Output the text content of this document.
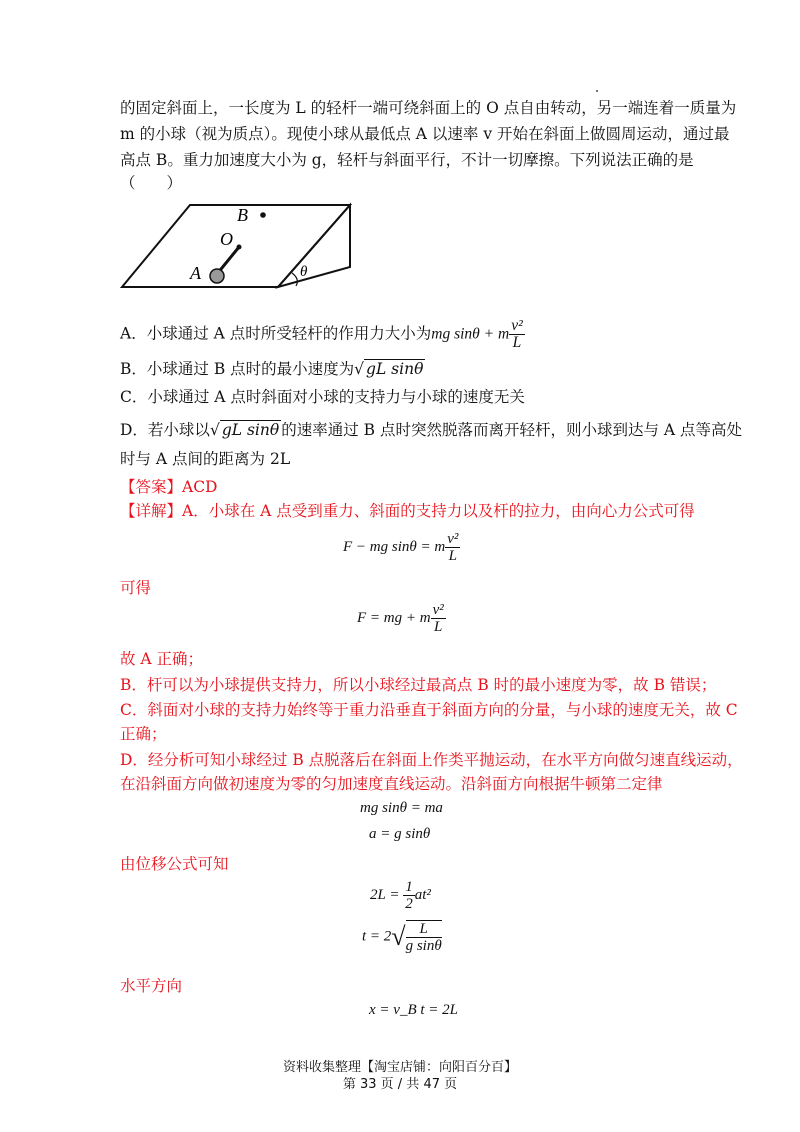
的固定斜面上，一长度为 L 的轻杆一端可绕斜面上的 O 点自由转动，另一端连着一质量为
m 的小球（视为质点）。现使小球从最低点 A 以速率 v 开始在斜面上做圆周运动，通过最
高点 B。重力加速度大小为 g，轻杆与斜面平行，不计一切摩擦。下列说法正确的是
（　　）
B
O
A	θ
A．小球通过 A 点时所受轻杆的作用力大小为mg sinθ + m $\frac{\text{v²}}{L}$
B．小球通过 B 点时的最小速度为√ gL sinθ
C．小球通过 A 点时斜面对小球的支持力与小球的速度无关
D．若小球以√ gL sinθ 的速率通过 B 点时突然脱落而离开轻杆，则小球到达与 A 点等高处
时与 A 点间的距离为 2L
【答案】ACD
【详解】A．小球在 A 点受到重力、斜面的支持力以及杆的拉力，由向心力公式可得
F − mg sinθ = m $\frac{\text{v²}}{L}$
可得
F = mg + m $\frac{\text{v²}}{L}$
故 A 正确；
B．杆可以为小球提供支持力，所以小球经过最高点 B 时的最小速度为零，故 B 错误；
C．斜面对小球的支持力始终等于重力沿垂直于斜面方向的分量，与小球的速度无关，故 C
正确；
D．经分析可知小球经过 B 点脱落后在斜面上作类平抛运动，在水平方向做匀速直线运动，
在沿斜面方向做初速度为零的匀加速度直线运动。沿斜面方向根据牛顿第二定律
mg sinθ = ma
a = g sinθ
由位移公式可知
$2L = \frac{1}{2} at^2$
$t = 2√ \frac{L}{\text{g sinθ}}$
水平方向
x = v_B t = 2L
资料收集整理【淘宝店铺：向阳百分百】
第 33 页 / 共 47 页
